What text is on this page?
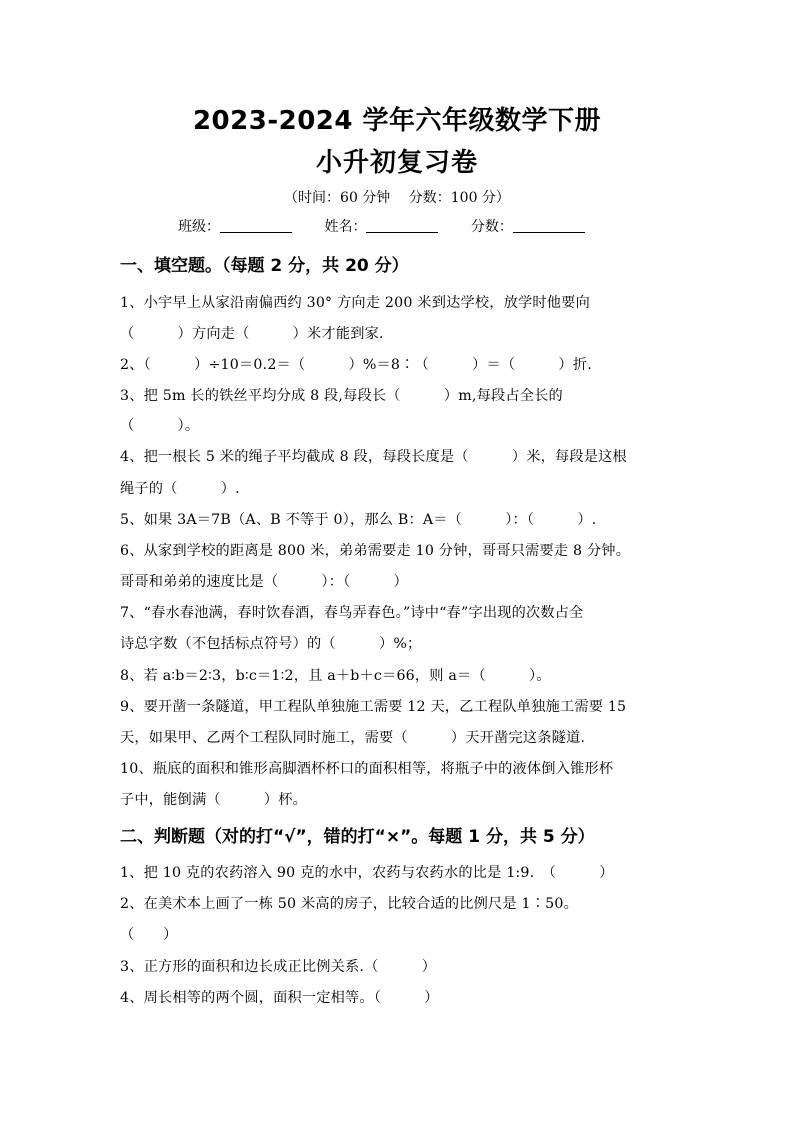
2023-2024 学年六年级数学下册
小升初复习卷
（时间：60 分钟　 分数：100 分）
班级：	姓名：	分数：
一、填空题。（每题 2 分，共 20 分）
1、小宇早上从家沿南偏西约 30° 方向走 200 米到达学校，放学时他要向
（　　　）方向走（　　　）米才能到家.
2、（　　　）÷10＝0.2＝（　　　）%＝8∶（　　　）＝（　　　）折.
3、把 5m 长的铁丝平均分成 8 段,每段长（　　　）m,每段占全长的
（　　　）。
4、把一根长 5 米的绳子平均截成 8 段，每段长度是（　　　）米，每段是这根
绳子的（　　　）.
5、如果 3A＝7B（A、B 不等于 0），那么 B：A＝（　　　）：（　　　）.
6、从家到学校的距离是 800 米，弟弟需要走 10 分钟，哥哥只需要走 8 分钟。
哥哥和弟弟的速度比是（　　　）：（　　　）
7、“春水春池满，春时饮春酒，春鸟弄春色。”诗中“春”字出现的次数占全
诗总字数（不包括标点符号）的（　　　）%；
8、若 a∶b＝2∶3，b∶c＝1∶2，且 a＋b＋c＝66，则 a＝（　　　）。
9、要开凿一条隧道，甲工程队单独施工需要 12 天，乙工程队单独施工需要 15
天，如果甲、乙两个工程队同时施工，需要（　　　）天开凿完这条隧道.
10、瓶底的面积和锥形高脚酒杯杯口的面积相等，将瓶子中的液体倒入锥形杯
子中，能倒满（　　　）杯。
二、判断题（对的打“√”，错的打“×”。每题 1 分，共 5 分）
1、把 10 克的农药溶入 90 克的水中，农药与农药水的比是 1:9.　（　　　）
2、在美术本上画了一栋 50 米高的房子，比较合适的比例尺是 1∶50。
（　　）
3、正方形的面积和边长成正比例关系.（　　　）
4、周长相等的两个圆，面积一定相等。（　　　）
